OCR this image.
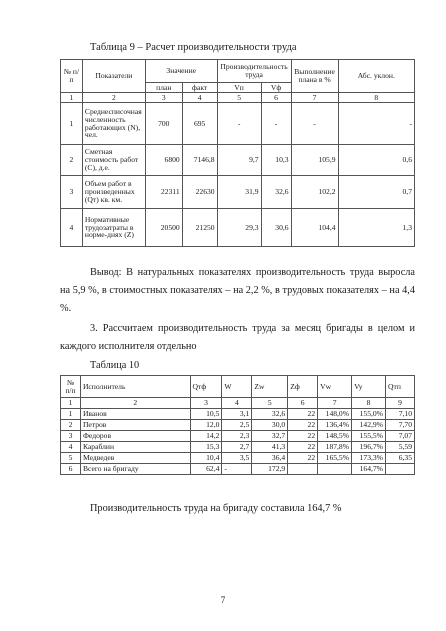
Таблица 9 – Расчет производительности труда
№ п/п	Показатели	Значение		Производительность труда		Выполнение плана в %	Абс. уклон.
		план	факт	Vп	Vф		
1	2	3	4	5	6	7	8
1	Среднесписочная численность работающих (N), чел.	700	695	-	-	-	-
2	Сметная стоимость работ (C), д.е.	6800	7146,8	9,7	10,3	105,9	0,6
3	Объем работ в произведенных (Qт) кв. км.	22311	22630	31,9	32,6	102,2	0,7
4	Нормативные трудозатраты в норме-днях (Z)	20500	21250	29,3	30,6	104,4	1,3

Вывод: В натуральных показателях производительность труда выросла на 5,9 %, в стоимостных показателях – на 2,2 %, в трудовых показателях – на 4,4 %.

3. Рассчитаем производительность труда за месяц бригады в целом и каждого исполнителя отдельно

Таблица 10
№ п/п	Исполнитель	Qтф	W	Zw	Zф	Vw	Vy	Qтп
1	2	3	4	5	6	7	8	9
1	Иванов	10,5	3,1	32,6	22	148,0%	155,0%	7,10
2	Петров	12,0	2,5	30,0	22	136,4%	142,9%	7,70
3	Федоров	14,2	2,3	32,7	22	148,5%	155,5%	7,07
4	Караблин	15,3	2,7	41,3	22	187,8%	196,7%	5,59
5	Медведев	10,4	3,5	36,4	22	165,5%	173,3%	6,35
6	Всего на бригаду	62,4	-	172,9			164,7%	

Производительность труда на бригаду составила 164,7 %

7
